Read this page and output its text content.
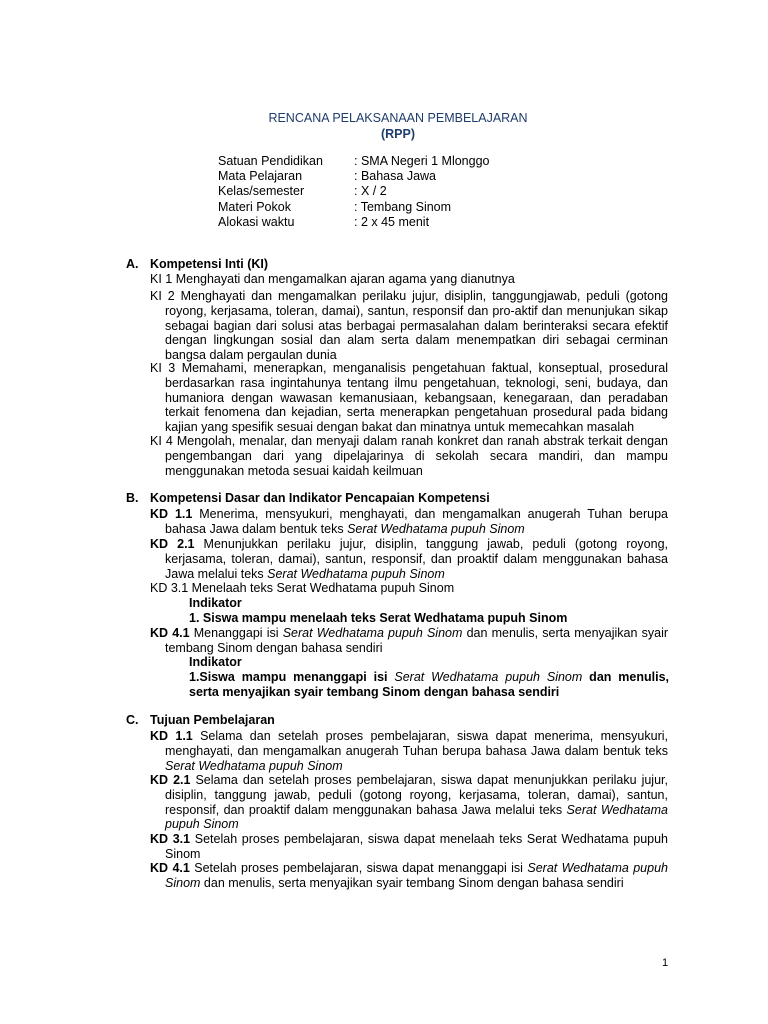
RENCANA PELAKSANAAN PEMBELAJARAN
(RPP)
Satuan Pendidikan	: SMA Negeri 1 Mlonggo
Mata Pelajaran	: Bahasa Jawa
Kelas/semester	: X / 2
Materi Pokok	: Tembang Sinom
Alokasi waktu	: 2 x 45 menit
A. Kompetensi Inti (KI)
KI 1 Menghayati dan mengamalkan ajaran agama yang dianutnya
KI 2 Menghayati dan mengamalkan perilaku jujur, disiplin, tanggungjawab, peduli (gotong royong, kerjasama, toleran, damai), santun, responsif dan pro-aktif dan menunjukan sikap sebagai bagian dari solusi atas berbagai permasalahan dalam berinteraksi secara efektif dengan lingkungan sosial dan alam serta dalam menempatkan diri sebagai cerminan bangsa dalam pergaulan dunia
KI 3 Memahami, menerapkan, menganalisis pengetahuan faktual, konseptual, prosedural berdasarkan rasa ingintahunya tentang ilmu pengetahuan, teknologi, seni, budaya, dan humaniora dengan wawasan kemanusiaan, kebangsaan, kenegaraan, dan peradaban terkait fenomena dan kejadian, serta menerapkan pengetahuan prosedural pada bidang kajian yang spesifik sesuai dengan bakat dan minatnya untuk memecahkan masalah
KI 4 Mengolah, menalar, dan menyaji dalam ranah konkret dan ranah abstrak terkait dengan pengembangan dari yang dipelajarinya di sekolah secara mandiri, dan mampu menggunakan metoda sesuai kaidah keilmuan
B. Kompetensi Dasar dan Indikator Pencapaian Kompetensi
KD 1.1 Menerima, mensyukuri, menghayati, dan mengamalkan anugerah Tuhan berupa bahasa Jawa dalam bentuk teks Serat Wedhatama pupuh Sinom
KD 2.1 Menunjukkan perilaku jujur, disiplin, tanggung jawab, peduli (gotong royong, kerjasama, toleran, damai), santun, responsif, dan proaktif dalam menggunakan bahasa Jawa melalui teks Serat Wedhatama pupuh Sinom
KD 3.1 Menelaah teks Serat Wedhatama pupuh Sinom
Indikator
1. Siswa mampu menelaah teks Serat Wedhatama pupuh Sinom
KD 4.1 Menanggapi isi Serat Wedhatama pupuh Sinom dan menulis, serta menyajikan syair tembang Sinom dengan bahasa sendiri
Indikator
1.Siswa mampu menanggapi isi Serat Wedhatama pupuh Sinom dan menulis, serta menyajikan syair tembang Sinom dengan bahasa sendiri
C. Tujuan Pembelajaran
KD 1.1 Selama dan setelah proses pembelajaran, siswa dapat menerima, mensyukuri, menghayati, dan mengamalkan anugerah Tuhan berupa bahasa Jawa dalam bentuk teks Serat Wedhatama pupuh Sinom
KD 2.1 Selama dan setelah proses pembelajaran, siswa dapat menunjukkan perilaku jujur, disiplin, tanggung jawab, peduli (gotong royong, kerjasama, toleran, damai), santun, responsif, dan proaktif dalam menggunakan bahasa Jawa melalui teks Serat Wedhatama pupuh Sinom
KD 3.1 Setelah proses pembelajaran, siswa dapat menelaah teks Serat Wedhatama pupuh Sinom
KD 4.1 Setelah proses pembelajaran, siswa dapat menanggapi isi Serat Wedhatama pupuh Sinom dan menulis, serta menyajikan syair tembang Sinom dengan bahasa sendiri
1
